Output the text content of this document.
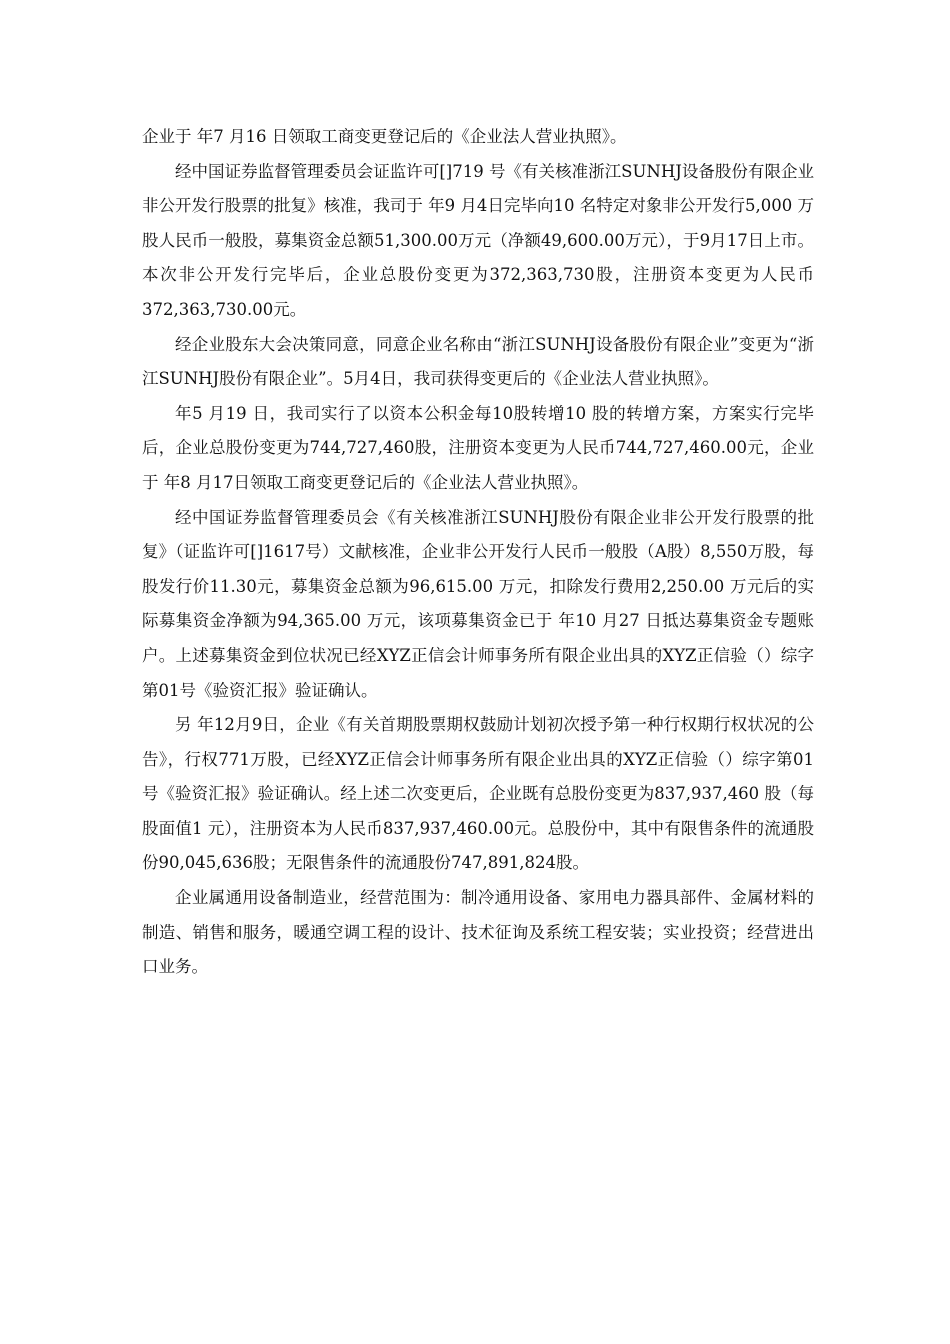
企业于 年7 月16 日领取工商变更登记后的《企业法人营业执照》。

经中国证券监督管理委员会证监许可[]719 号《有关核准浙江SUNHJ设备股份有限企业非公开发行股票的批复》核准，我司于 年9 月4日完毕向10 名特定对象非公开发行5,000 万股人民币一般股，募集资金总额51,300.00万元（净额49,600.00万元），于9月17日上市。本次非公开发行完毕后，企业总股份变更为372,363,730股，注册资本变更为人民币372,363,730.00元。

经企业股东大会决策同意，同意企业名称由“浙江SUNHJ设备股份有限企业”变更为“浙江SUNHJ股份有限企业”。5月4日，我司获得变更后的《企业法人营业执照》。

年5 月19 日，我司实行了以资本公积金每10股转增10 股的转增方案，方案实行完毕后，企业总股份变更为744,727,460股，注册资本变更为人民币744,727,460.00元，企业于 年8 月17日领取工商变更登记后的《企业法人营业执照》。

经中国证券监督管理委员会《有关核准浙江SUNHJ股份有限企业非公开发行股票的批复》（证监许可[]1617号）文献核准，企业非公开发行人民币一般股（A股）8,550万股，每股发行价11.30元，募集资金总额为96,615.00 万元，扣除发行费用2,250.00 万元后的实际募集资金净额为94,365.00 万元，该项募集资金已于 年10 月27 日抵达募集资金专题账户。上述募集资金到位状况已经XYZ正信会计师事务所有限企业出具的XYZ正信验（）综字第01号《验资汇报》验证确认。

另 年12月9日，企业《有关首期股票期权鼓励计划初次授予第一种行权期行权状况的公告》，行权771万股，已经XYZ正信会计师事务所有限企业出具的XYZ正信验（）综字第01 号《验资汇报》验证确认。经上述二次变更后，企业既有总股份变更为837,937,460 股（每股面值1 元），注册资本为人民币837,937,460.00元。总股份中，其中有限售条件的流通股份90,045,636股；无限售条件的流通股份747,891,824股。

企业属通用设备制造业，经营范围为：制冷通用设备、家用电力器具部件、金属材料的制造、销售和服务，暖通空调工程的设计、技术征询及系统工程安装；实业投资；经营进出口业务。
